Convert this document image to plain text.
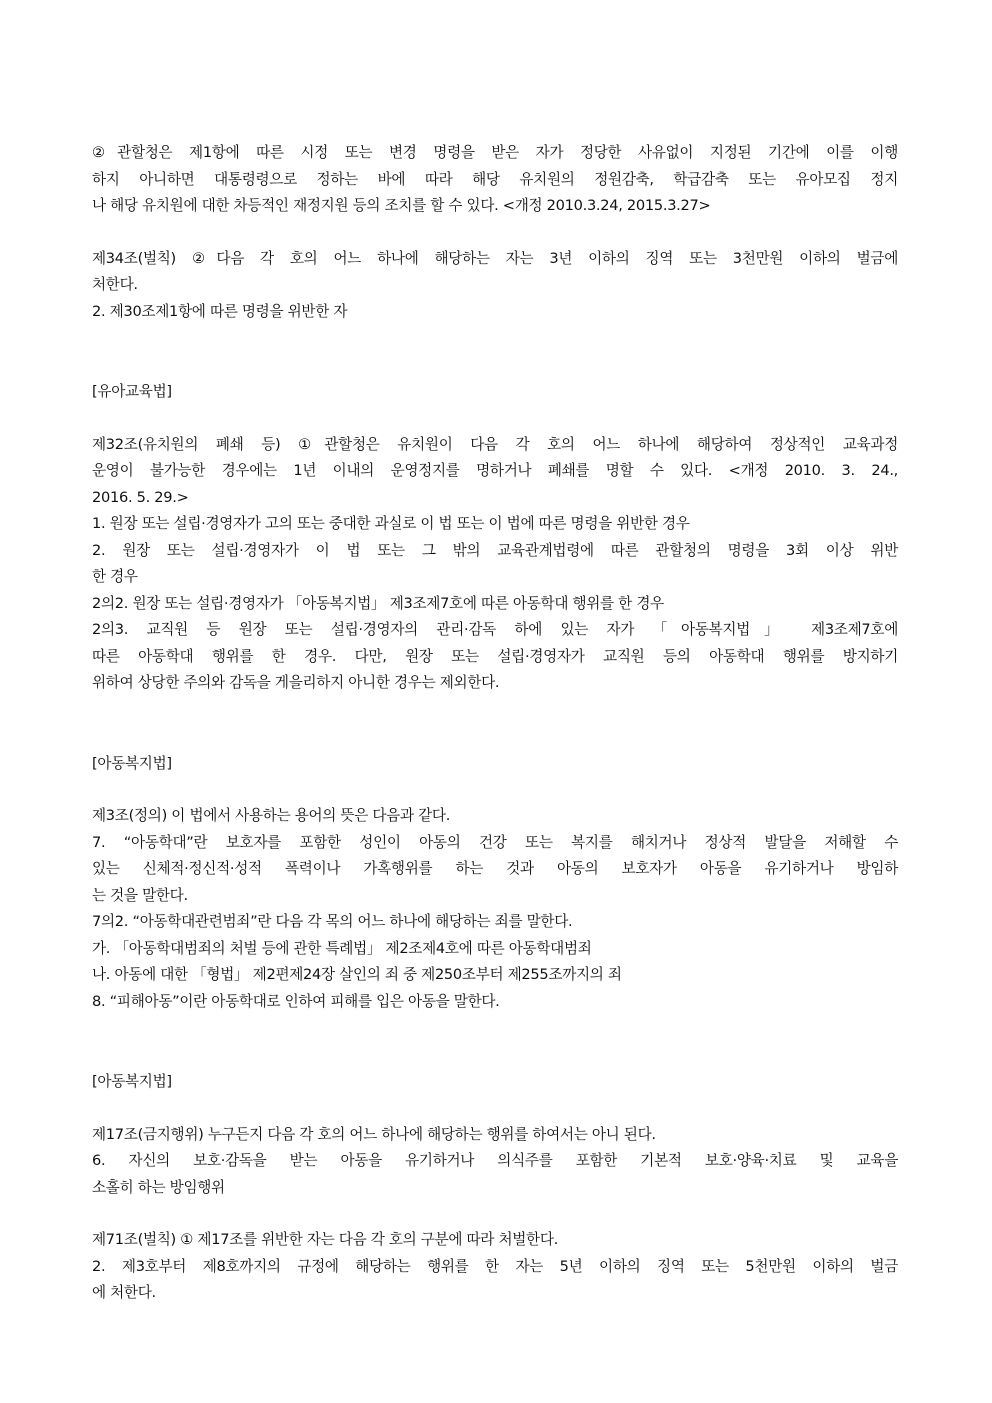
②관할청은 제1항에 따른 시정 또는 변경 명령을 받은 자가 정당한 사유없이 지정된 기간에 이를 이행
하지 아니하면 대통령령으로 정하는 바에 따라 해당 유치원의 정원감축, 학급감축 또는 유아모집 정지
나 해당 유치원에 대한 차등적인 재정지원 등의 조치를 할 수 있다. <개정 2010.3.24, 2015.3.27>
제34조(벌칙) ②다음 각 호의 어느 하나에 해당하는 자는 3년 이하의 징역 또는 3천만원 이하의 벌금에
처한다.
2. 제30조제1항에 따른 명령을 위반한 자
[유아교육법]
제32조(유치원의 폐쇄 등) ①관할청은 유치원이 다음 각 호의 어느 하나에 해당하여 정상적인 교육과정
운영이 불가능한 경우에는 1년 이내의 운영정지를 명하거나 폐쇄를 명할 수 있다. <개정 2010. 3. 24.,
2016. 5. 29.>
1. 원장 또는 설립·경영자가 고의 또는 중대한 과실로 이 법 또는 이 법에 따른 명령을 위반한 경우
2. 원장 또는 설립·경영자가 이 법 또는 그 밖의 교육관계법령에 따른 관할청의 명령을 3회 이상 위반
한 경우
2의2. 원장 또는 설립·경영자가 「아동복지법」 제3조제7호에 따른 아동학대 행위를 한 경우
2의3. 교직원 등 원장 또는 설립·경영자의 관리·감독 하에 있는 자가 「아동복지법」 제3조제7호에
따른 아동학대 행위를 한 경우. 다만, 원장 또는 설립·경영자가 교직원 등의 아동학대 행위를 방지하기
위하여 상당한 주의와 감독을 게을리하지 아니한 경우는 제외한다.
[아동복지법]
제3조(정의) 이 법에서 사용하는 용어의 뜻은 다음과 같다.
7. “아동학대”란 보호자를 포함한 성인이 아동의 건강 또는 복지를 해치거나 정상적 발달을 저해할 수
있는 신체적·정신적·성적 폭력이나 가혹행위를 하는 것과 아동의 보호자가 아동을 유기하거나 방임하
는 것을 말한다.
7의2. “아동학대관련범죄”란 다음 각 목의 어느 하나에 해당하는 죄를 말한다.
가. 「아동학대범죄의 처벌 등에 관한 특례법」 제2조제4호에 따른 아동학대범죄
나. 아동에 대한 「형법」 제2편제24장 살인의 죄 중 제250조부터 제255조까지의 죄
8. “피해아동”이란 아동학대로 인하여 피해를 입은 아동을 말한다.
[아동복지법]
제17조(금지행위) 누구든지 다음 각 호의 어느 하나에 해당하는 행위를 하여서는 아니 된다.
6. 자신의 보호·감독을 받는 아동을 유기하거나 의식주를 포함한 기본적 보호·양육·치료 및 교육을
소홀히 하는 방임행위
제71조(벌칙) ① 제17조를 위반한 자는 다음 각 호의 구분에 따라 처벌한다.
2. 제3호부터 제8호까지의 규정에 해당하는 행위를 한 자는 5년 이하의 징역 또는 5천만원 이하의 벌금
에 처한다.
